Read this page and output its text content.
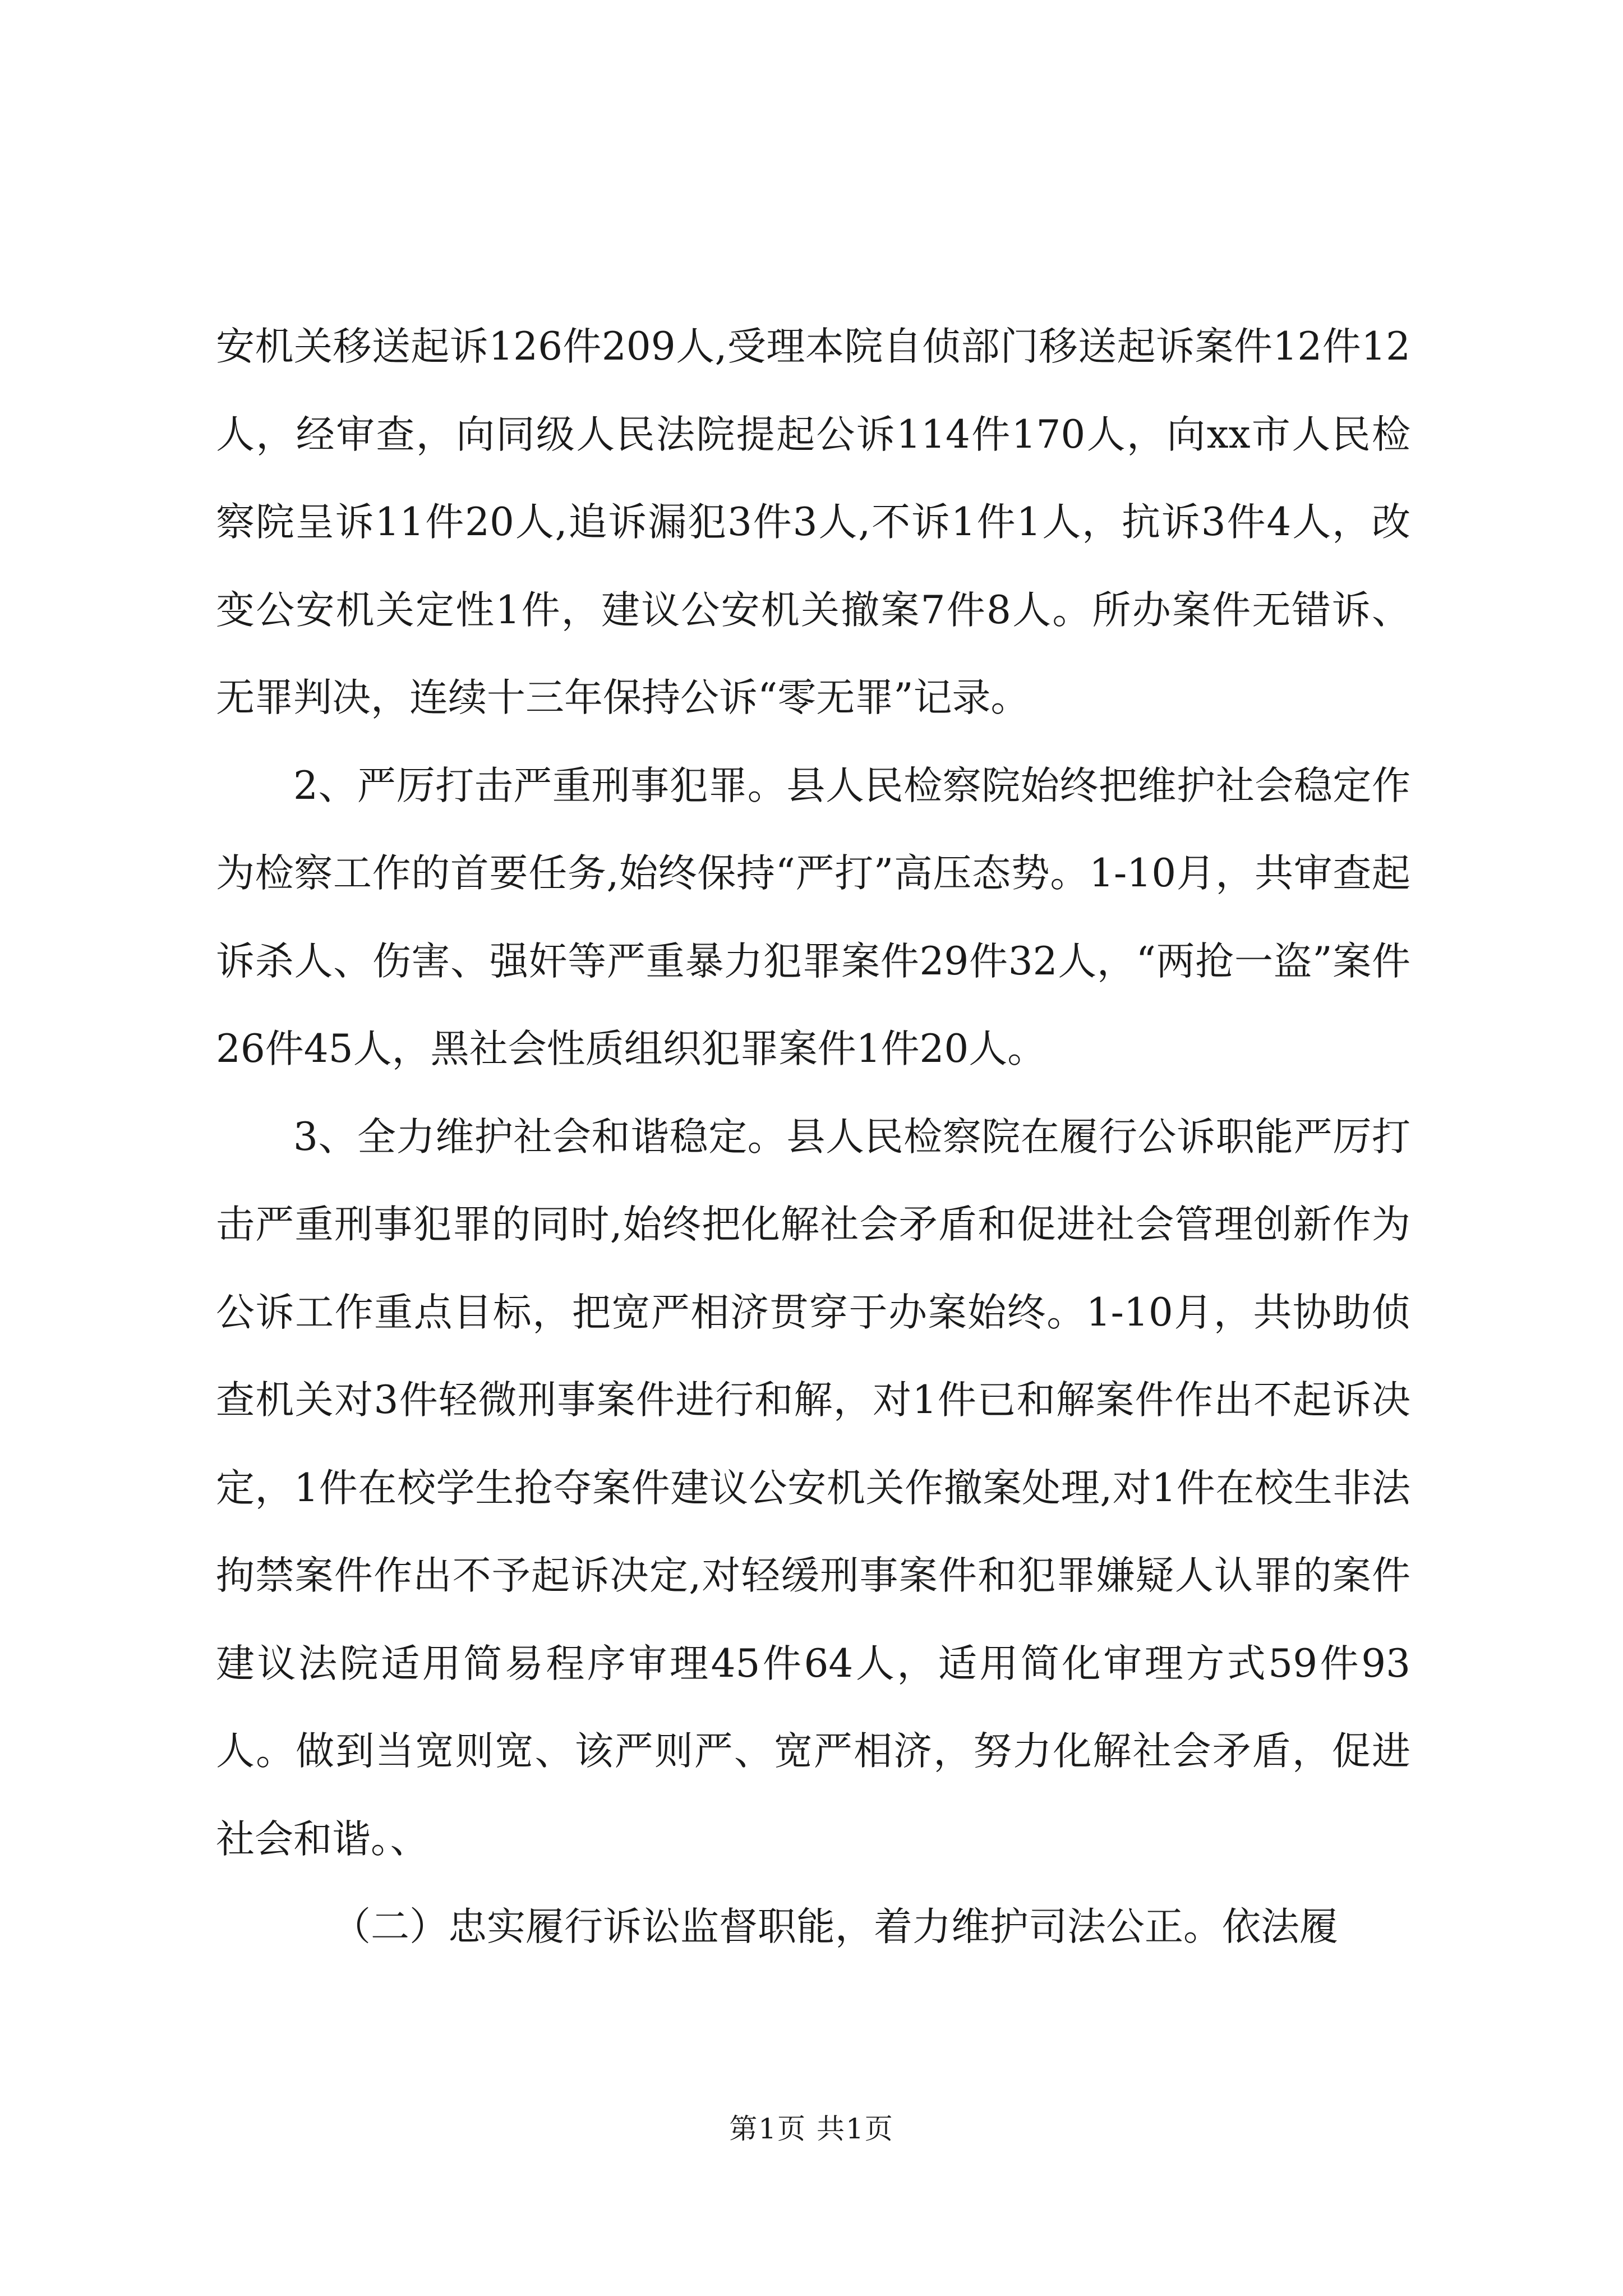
安机关移送起诉126件209人,受理本院自侦部门移送起诉案件12件12人，经审查，向同级人民法院提起公诉114件170人，向xx市人民检察院呈诉11件20人,追诉漏犯3件3人,不诉1件1人，抗诉3件4人，改变公安机关定性1件，建议公安机关撤案7件8人。所办案件无错诉、无罪判决，连续十三年保持公诉“零无罪”记录。

2、严厉打击严重刑事犯罪。县人民检察院始终把维护社会稳定作为检察工作的首要任务,始终保持“严打”高压态势。1-10月，共审查起诉杀人、伤害、强奸等严重暴力犯罪案件29件32人，“两抢一盗”案件26件45人，黑社会性质组织犯罪案件1件20人。

3、全力维护社会和谐稳定。县人民检察院在履行公诉职能严厉打击严重刑事犯罪的同时,始终把化解社会矛盾和促进社会管理创新作为公诉工作重点目标，把宽严相济贯穿于办案始终。1-10月，共协助侦查机关对3件轻微刑事案件进行和解，对1件已和解案件作出不起诉决定，1件在校学生抢夺案件建议公安机关作撤案处理,对1件在校生非法拘禁案件作出不予起诉决定,对轻缓刑事案件和犯罪嫌疑人认罪的案件建议法院适用简易程序审理45件64人，适用简化审理方式59件93人。做到当宽则宽、该严则严、宽严相济，努力化解社会矛盾，促进社会和谐。、

（二）忠实履行诉讼监督职能，着力维护司法公正。依法履

第1页 共1页
